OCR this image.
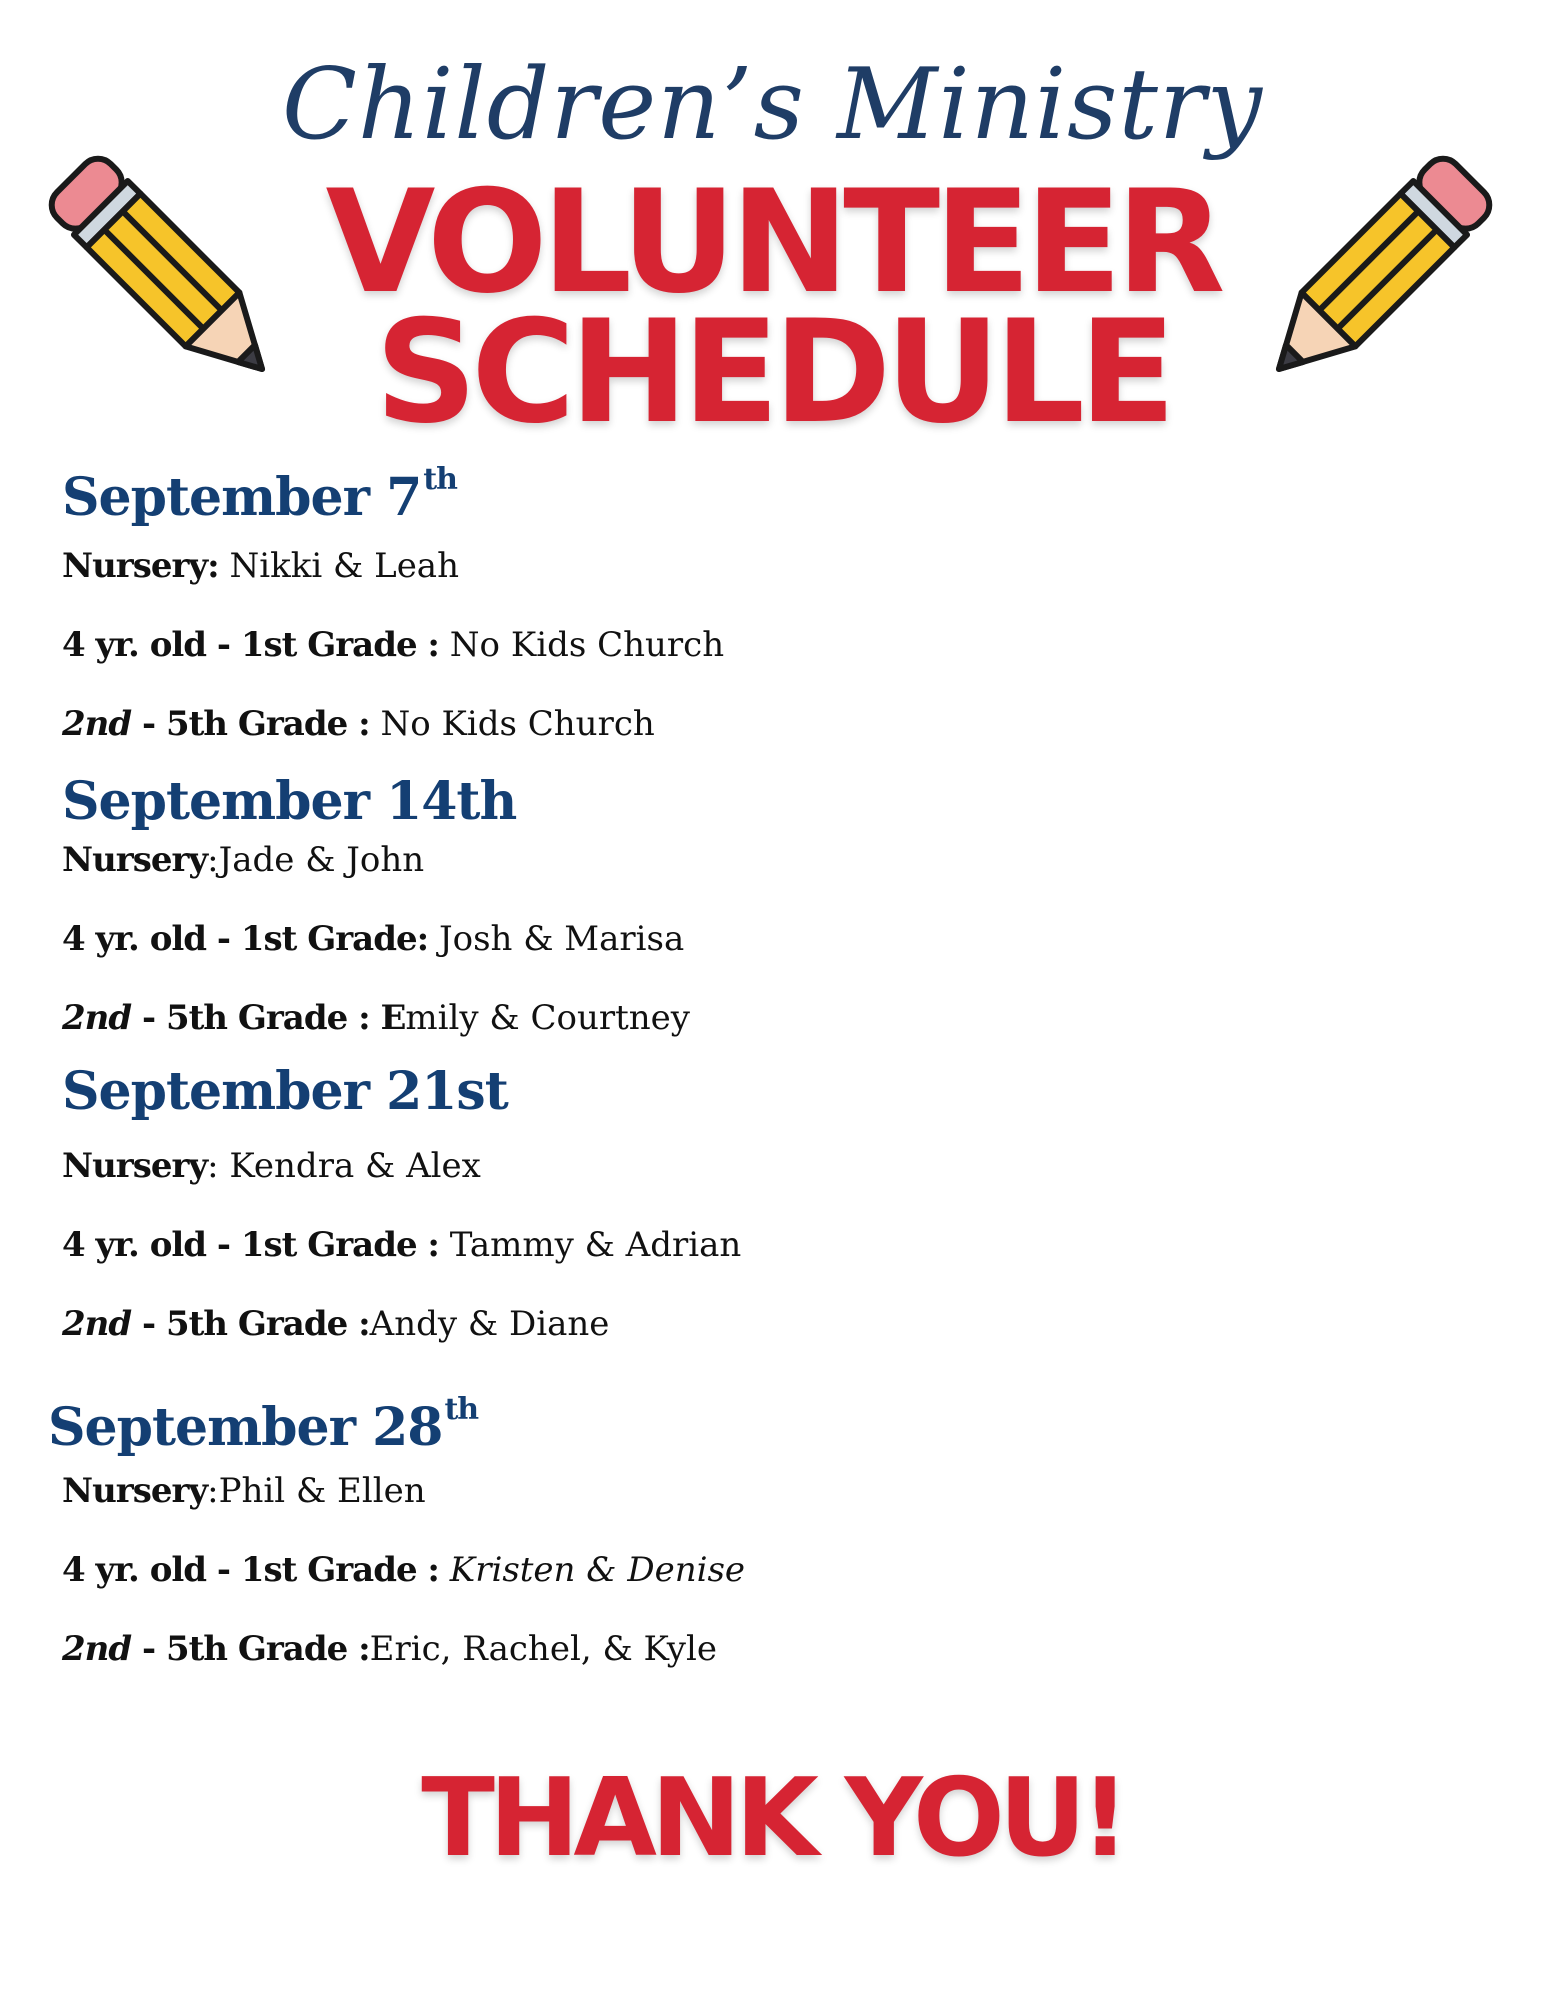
Children’s Ministry
VOLUNTEER
SCHEDULE
September 7th
Nursery: Nikki & Leah
4 yr. old - 1st Grade : No Kids Church
2nd - 5th Grade : No Kids Church
September 14th
Nursery:Jade & John
4 yr. old - 1st Grade: Josh & Marisa
2nd - 5th Grade : Emily & Courtney
September 21st
Nursery: Kendra & Alex
4 yr. old - 1st Grade : Tammy & Adrian
2nd - 5th Grade :Andy & Diane
September 28th
Nursery:Phil & Ellen
4 yr. old - 1st Grade : Kristen & Denise
2nd - 5th Grade :Eric, Rachel, & Kyle
THANK YOU!
